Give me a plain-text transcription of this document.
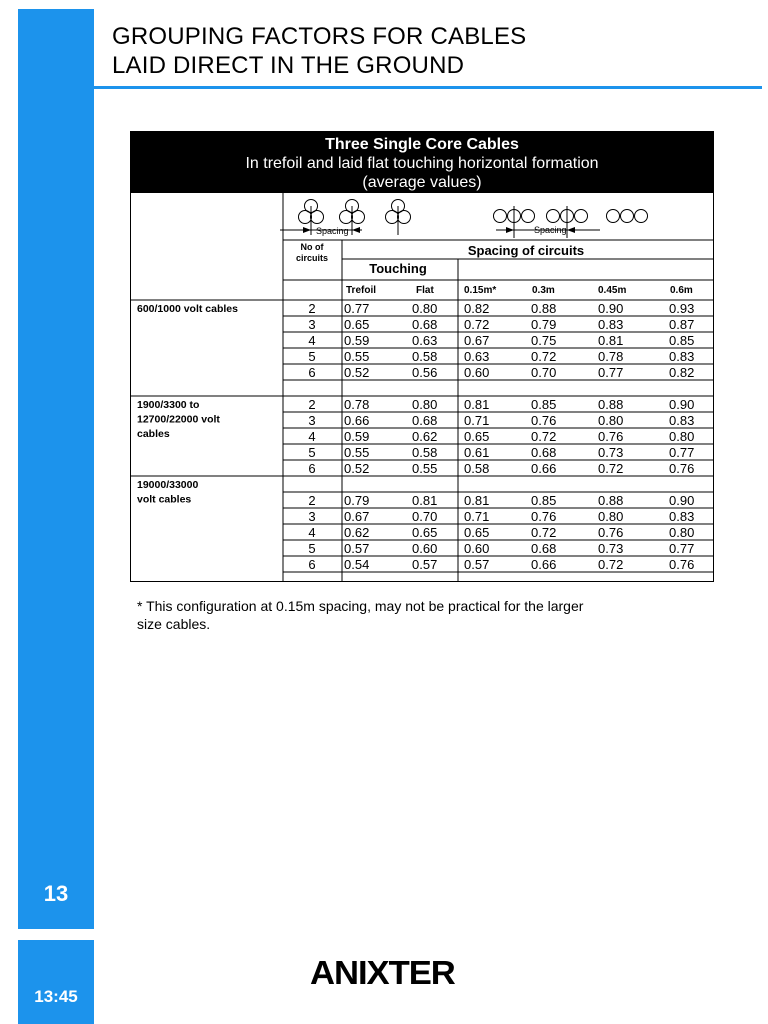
13
13:45
GROUPING FACTORS FOR CABLES
LAID DIRECT IN THE GROUND
Three Single Core Cables
In trefoil and laid flat touching horizontal formation
(average values)
Spacing	Spacing
No of
circuits	Spacing of circuits
Touching
Trefoil	Flat	0.15m*	0.3m	0.45m	0.6m
600/1000 volt cables	2 0.77	0.80 0.82	0.88	0.90	0.93
3 0.65	0.68 0.72	0.79	0.83	0.87
4 0.59	0.63 0.67	0.75	0.81	0.85
5 0.55	0.58 0.63	0.72	0.78	0.83
6 0.52	0.56 0.60	0.70	0.77	0.82
1900/3300 to
12700/22000 volt
cables
2 0.78	0.80 0.81	0.85	0.88	0.90
3 0.66	0.68 0.71	0.76	0.80	0.83
4 0.59	0.62 0.65	0.72	0.76	0.80
5 0.55	0.58 0.61	0.68	0.73	0.77
6 0.52	0.55 0.58	0.66	0.72	0.76
19000/33000
volt cables	2 0.79	0.81 0.81	0.85	0.88	0.90
3 0.67	0.70 0.71	0.76	0.80	0.83
4 0.62	0.65 0.65	0.72	0.76	0.80
5 0.57	0.60 0.60	0.68	0.73	0.77
6 0.54	0.57 0.57	0.66	0.72	0.76
* This configuration at 0.15m spacing, may not be practical for the larger
size cables.
ANIXTER
